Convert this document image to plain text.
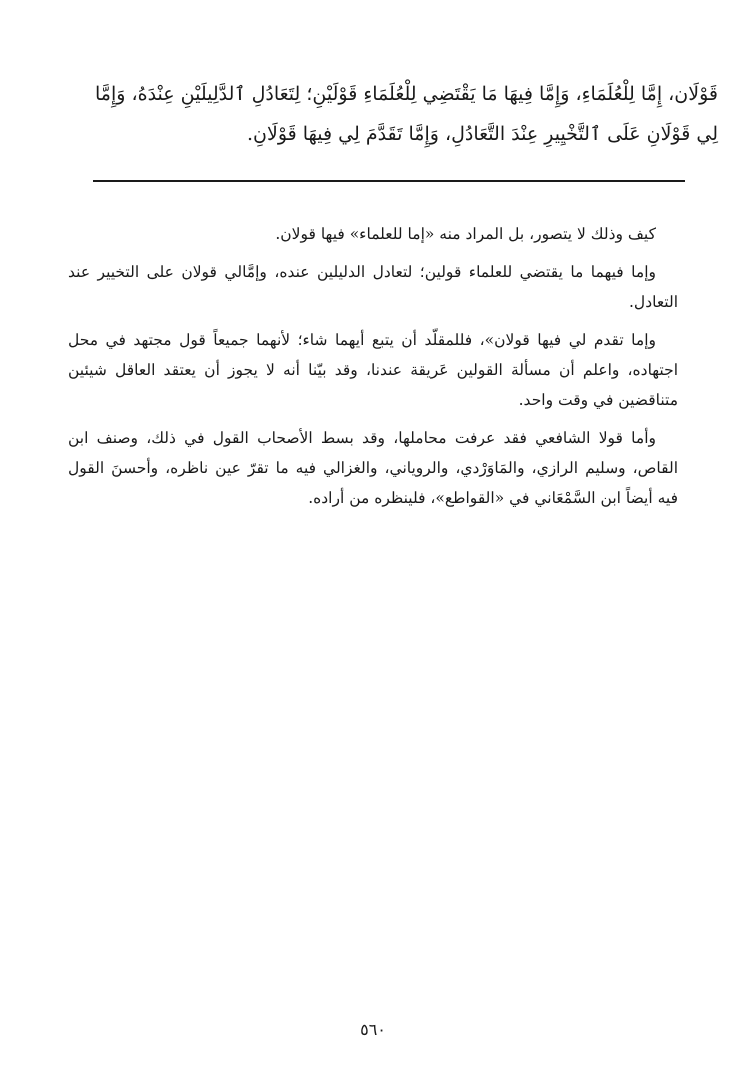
قَوْلَان، إِمَّا لِلْعُلَمَاءِ، وَإِمَّا فِيهَا مَا يَقْتَضِي لِلْعُلَمَاءِ قَوْلَيْنِ؛ لِتَعَادُلِ ٱلدَّلِيلَيْنِ عِنْدَهُ، وَإِمَّا

لِي قَوْلَانِ عَلَى ٱلتَّخْيِيرِ عِنْدَ التَّعَادُلِ، وَإِمَّا تَقَدَّمَ لِي فِيهَا قَوْلَانِ.

كيف وذلك لا يتصور، بل المراد منه «إما للعلماء» فيها قولان.

وإما فيهما ما يقتضي للعلماء قولين؛ لتعادل الدليلين عنده، وإمَّالي قولان على التخيير عند التعادل.

وإما تقدم لي فيها قولان»، فللمقلّد أن يتبع أيهما شاء؛ لأنهما جميعاً قول مجتهد في محل اجتهاده، واعلم أن مسألة القولين عَريقة عندنا، وقد بيّنا أنه لا يجوز أن يعتقد العاقل شيئين متناقضين في وقت واحد.

وأما قولا الشافعي فقد عرفت محاملها، وقد بسط الأصحاب القول في ذلك، وصنف ابن القاص، وسليم الرازي، والمَاوَرْدي، والروياني، والغزالي فيه ما تقرّ عين ناظره، وأحسنَ القول فيه أيضاً ابن السَّمْعَاني في «القواطع»، فلينظره من أراده.

٥٦٠
